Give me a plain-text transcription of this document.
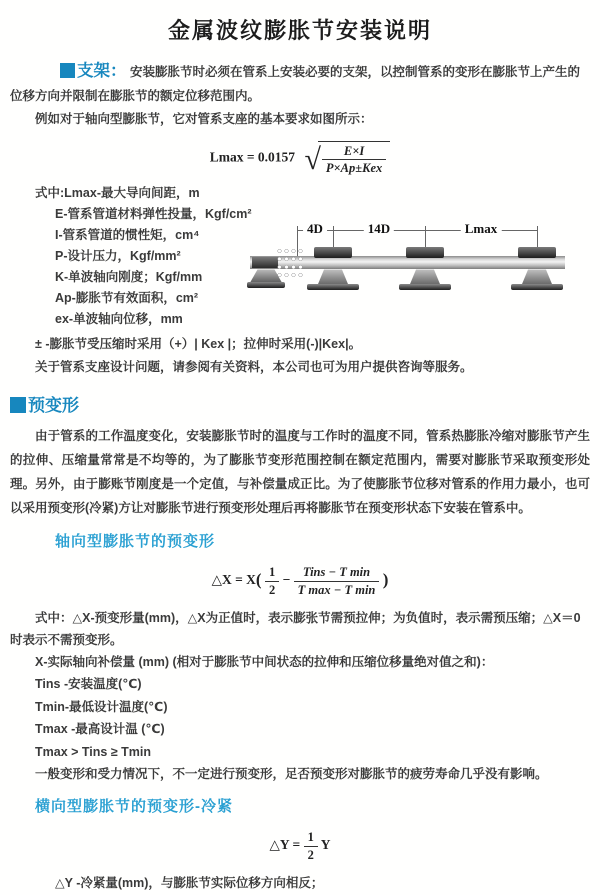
金属波纹膨胀节安装说明

支架： 安装膨胀节时必须在管系上安装必要的支架，以控制管系的变形在膨胀节上产生的位移方向并限制在膨胀节的额定位移范围内。

例如对于轴向型膨胀节，它对管系支座的基本要求如图所示：

Lmax = 0.0157 √ $\frac{E\times I}{\text{P×Ap±Kex}}$
式中:Lmax-最大导向间距，m
E-管系管道材料弹性投量，Kgf/cm²
I-管系管道的惯性矩，cm⁴
P-设计压力，Kgf/mm²
K-单波轴向刚度；Kgf/mm
Ap-膨胀节有效面积，cm²
ex-单波轴向位移，mm
4D	14D	Lmax

± -膨胀节受压缩时采用（+）| Kex |；拉伸时采用(-)|Kex|。

关于管系支座设计问题，请参阅有关资料，本公司也可为用户提供咨询等服务。

预变形

由于管系的工作温度变化，安装膨胀节时的温度与工作时的温度不同，管系热膨胀冷缩对膨胀节产生的拉伸、压缩量常常是不均等的，为了膨胀节变形范围控制在额定范围内，需要对膨胀节采取预变形处理。另外，由于膨账节刚度是一个定值，与补偿量成正比。为了使膨胀节位移对管系的作用力最小，也可以采用预变形(冷紧)方让对膨胀节进行预变形处理后再将膨胀节在预变形状态下安装在管系中。

轴向型膨胀节的预变形
△X = $X( \frac{1}{2} - \frac{\text{Tins − T min}}{\text{T max − T min}}$ )

式中：△X-预变形量(mm)，△X为正值时，表示膨张节需预拉伸；为负值时，表示需预压缩；△X＝0时表示不需预变形。

X-实际轴向补偿量 (mm) (相对于膨胀节中间状态的拉伸和压缩位移量绝对值之和)：

Tins -安装温度(℃)
Tmin-最低设计温度(℃)
Tmax -最高设计温 (℃)
Tmax > Tins ≥ Tmin

一般变形和受力情况下，不一定进行预变形，足否预变形对膨胀节的疲劳寿命几乎没有影响。

横向型膨胀节的预变形-冷紧
△Y = $\frac{1}{2}$ Y

△Y -冷紧量(mm)，与膨胀节实际位移方向相反；
